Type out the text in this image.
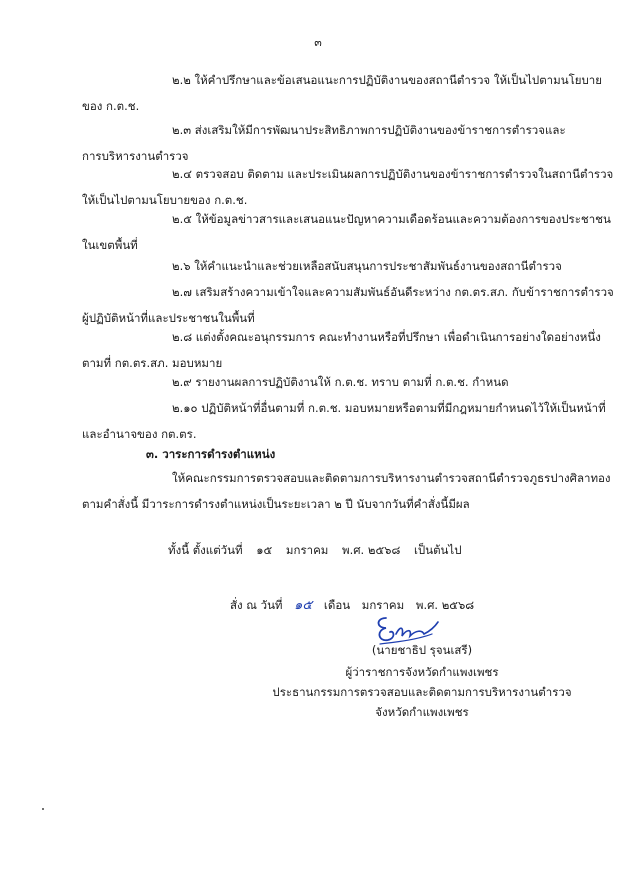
๓
๒.๒ ให้คำปรึกษาและข้อเสนอแนะการปฏิบัติงานของสถานีตำรวจ ให้เป็นไปตามนโยบาย
ของ ก.ต.ช.
๒.๓ ส่งเสริมให้มีการพัฒนาประสิทธิภาพการปฏิบัติงานของข้าราชการตำรวจและ
การบริหารงานตำรวจ
๒.๔ ตรวจสอบ ติดตาม และประเมินผลการปฏิบัติงานของข้าราชการตำรวจในสถานีตำรวจ
ให้เป็นไปตามนโยบายของ ก.ต.ช.
๒.๕ ให้ข้อมูลข่าวสารและเสนอแนะปัญหาความเดือดร้อนและความต้องการของประชาชน
ในเขตพื้นที่
๒.๖ ให้คำแนะนำและช่วยเหลือสนับสนุนการประชาสัมพันธ์งานของสถานีตำรวจ
๒.๗ เสริมสร้างความเข้าใจและความสัมพันธ์อันดีระหว่าง กต.ตร.สภ. กับข้าราชการตำรวจ
ผู้ปฏิบัติหน้าที่และประชาชนในพื้นที่
๒.๘ แต่งตั้งคณะอนุกรรมการ คณะทำงานหรือที่ปรึกษา เพื่อดำเนินการอย่างใดอย่างหนึ่ง
ตามที่ กต.ตร.สภ. มอบหมาย
๒.๙ รายงานผลการปฏิบัติงานให้ ก.ต.ช. ทราบ ตามที่ ก.ต.ช. กำหนด
๒.๑๐ ปฏิบัติหน้าที่อื่นตามที่ ก.ต.ช. มอบหมายหรือตามที่มีกฎหมายกำหนดไว้ให้เป็นหน้าที่
และอำนาจของ กต.ตร.
๓. วาระการดำรงตำแหน่ง
ให้คณะกรรมการตรวจสอบและติดตามการบริหารงานตำรวจสถานีตำรวจภูธรปางศิลาทอง
ตามคำสั่งนี้ มีวาระการดำรงตำแหน่งเป็นระยะเวลา ๒ ปี นับจากวันที่คำสั่งนี้มีผล
ทั้งนี้ ตั้งแต่วันที่ ๑๕ มกราคม พ.ศ. ๒๕๖๘ เป็นต้นไป
สั่ง ณ วันที่ ๑๕ เดือน มกราคม พ.ศ. ๒๕๖๘
(นายชาธิป รุจนเสรี)
ผู้ว่าราชการจังหวัดกำแพงเพชร
ประธานกรรมการตรวจสอบและติดตามการบริหารงานตำรวจ
จังหวัดกำแพงเพชร
